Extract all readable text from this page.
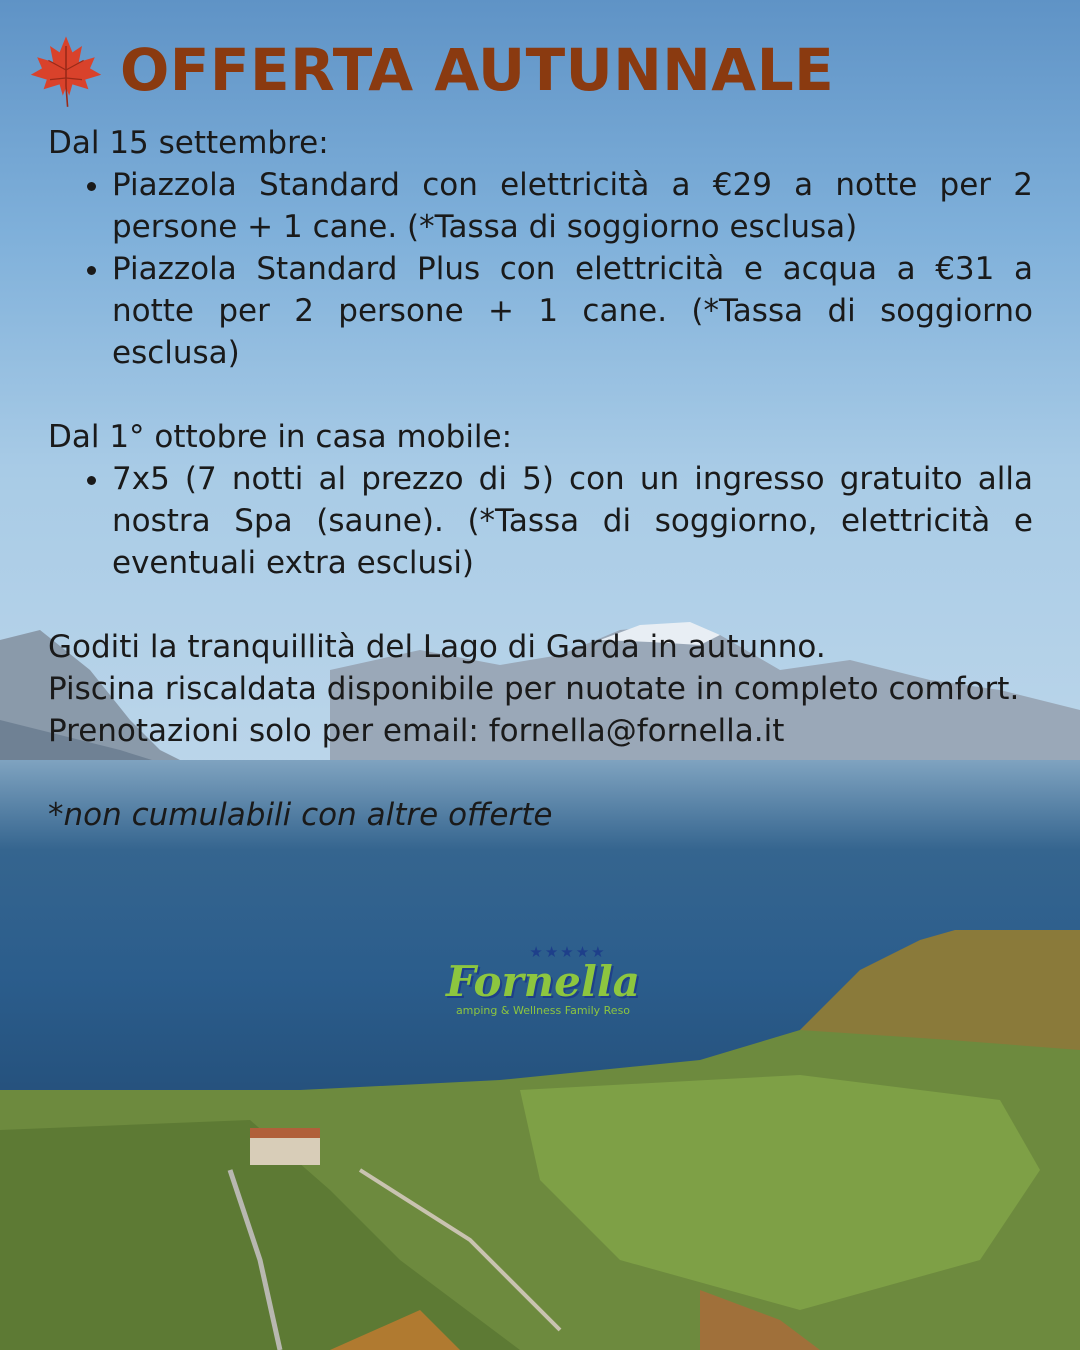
OFFERTA AUTUNNALE

Dal 15 settembre:

• Piazzola Standard con elettricità a €29 a notte per 2 persone + 1 cane. (*Tassa di soggiorno esclusa)
• Piazzola Standard Plus con elettricità e acqua a €31 a notte per 2 persone + 1 cane. (*Tassa di soggiorno esclusa)

Dal 1° ottobre in casa mobile:

• 7x5 (7 notti al prezzo di 5) con un ingresso gratuito alla nostra Spa (saune). (*Tassa di soggiorno, elettricità e eventuali extra esclusi)

Goditi la tranquillità del Lago di Garda in autunno.

Piscina riscaldata disponibile per nuotate in completo comfort.

Prenotazioni solo per email: fornella@fornella.it

*non cumulabili con altre offerte

★★★★★
Fornella
amping & Wellness Family Reso
